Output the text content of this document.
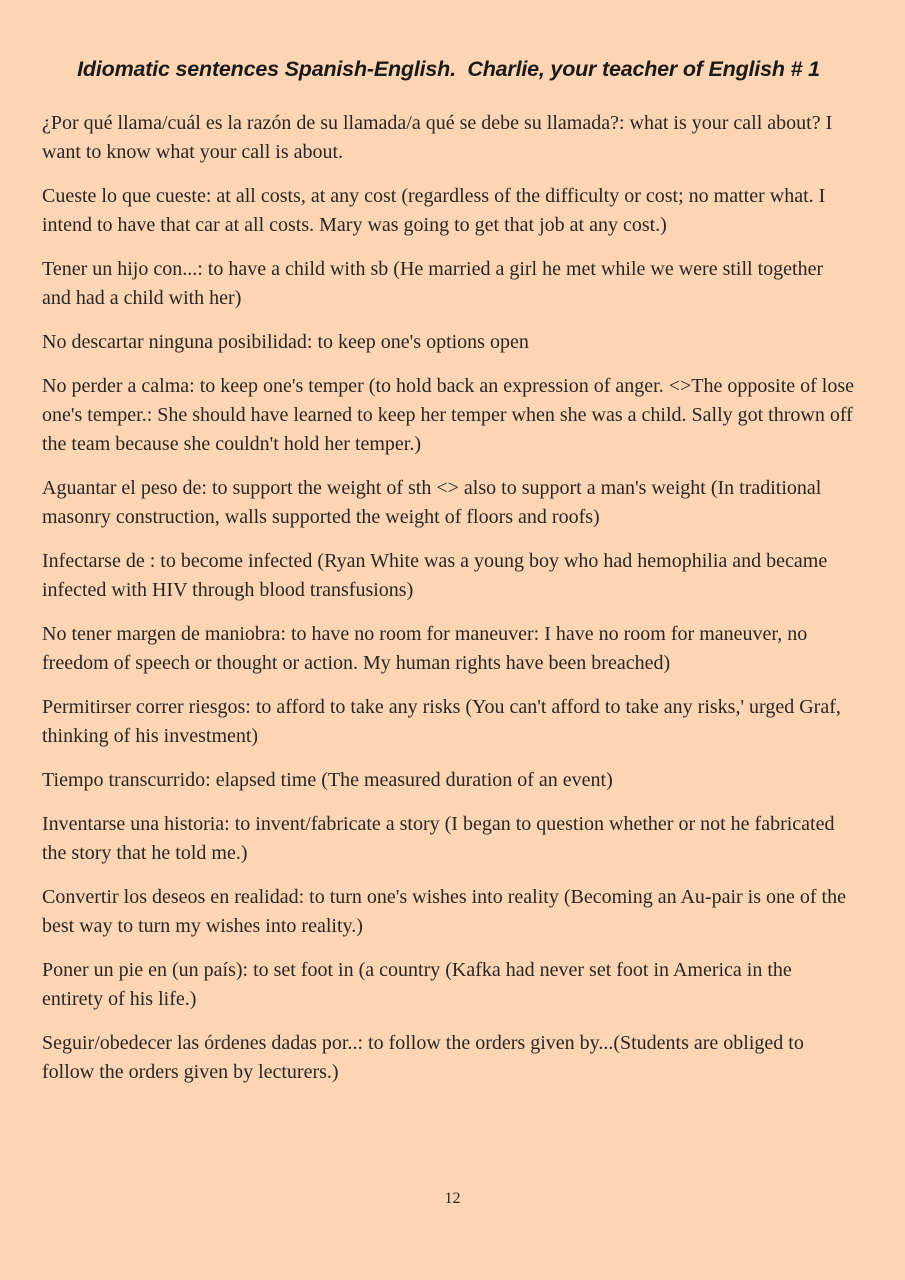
Idiomatic sentences Spanish-English.  Charlie, your teacher of English # 1

¿Por qué llama/cuál es la razón de su llamada/a qué se debe su llamada?: what is your call about? I want to know what your call is about.

Cueste lo que cueste: at all costs, at any cost (regardless of the difficulty or cost; no matter what. I intend to have that car at all costs. Mary was going to get that job at any cost.)

Tener un hijo con...: to have a child with sb (He married a girl he met while we were still together and had a child with her)

No descartar ninguna posibilidad: to keep one's options open

No perder a calma: to keep one's temper (to hold back an expression of anger. <>The opposite of lose one's temper.: She should have learned to keep her temper when she was a child. Sally got thrown off the team because she couldn't hold her temper.)

Aguantar el peso de: to support the weight of sth <> also to support a man's weight (In traditional masonry construction, walls supported the weight of floors and roofs)

Infectarse de : to become infected (Ryan White was a young boy who had hemophilia and became infected with HIV through blood transfusions)

No tener margen de maniobra: to have no room for maneuver: I have no room for maneuver, no freedom of speech or thought or action. My human rights have been breached)

Permitirser correr riesgos: to afford to take any risks (You can't afford to take any risks,' urged Graf, thinking of his investment)

Tiempo transcurrido: elapsed time (The measured duration of an event)

Inventarse una historia: to invent/fabricate a story (I began to question whether or not he fabricated the story that he told me.)

Convertir los deseos en realidad: to turn one's wishes into reality (Becoming an Au-pair is one of the best way to turn my wishes into reality.)

Poner un pie en (un país): to set foot in (a country (Kafka had never set foot in America in the entirety of his life.)

Seguir/obedecer las órdenes dadas por..: to follow the orders given by...(Students are obliged to follow the orders given by lecturers.)

12
